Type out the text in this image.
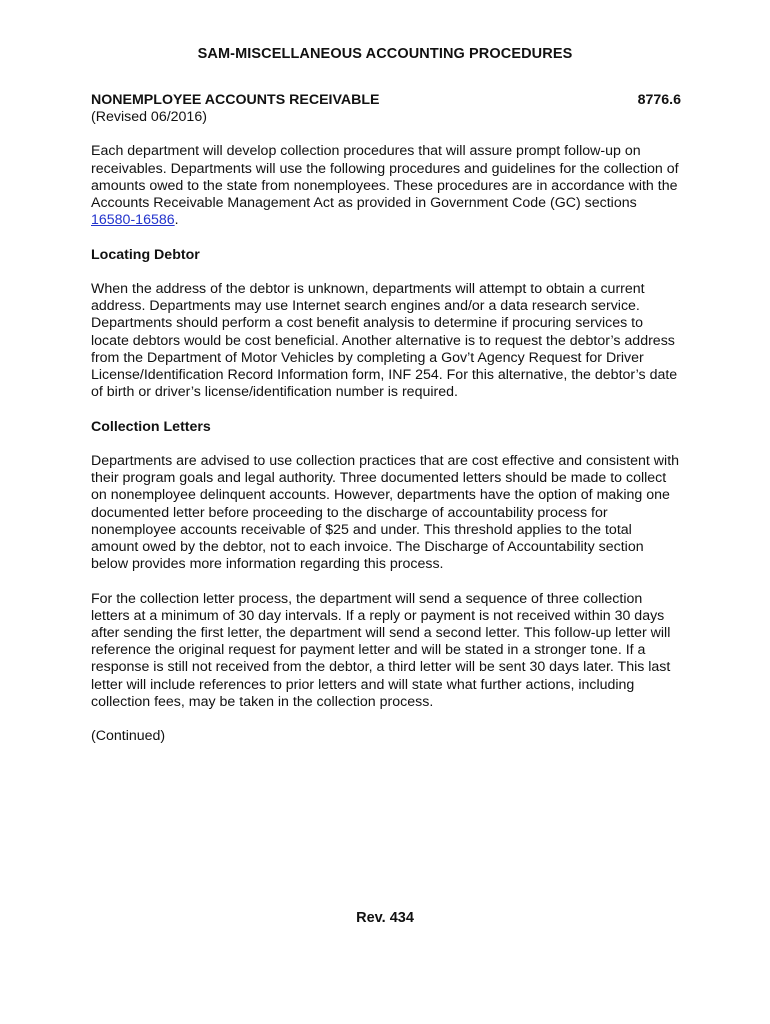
SAM-MISCELLANEOUS ACCOUNTING PROCEDURES
NONEMPLOYEE ACCOUNTS RECEIVABLE	8776.6
(Revised 06/2016)

Each department will develop collection procedures that will assure prompt follow-up on receivables. Departments will use the following procedures and guidelines for the collection of amounts owed to the state from nonemployees. These procedures are in accordance with the Accounts Receivable Management Act as provided in Government Code (GC) sections 16580-16586.

Locating Debtor

When the address of the debtor is unknown, departments will attempt to obtain a current address. Departments may use Internet search engines and/or a data research service. Departments should perform a cost benefit analysis to determine if procuring services to locate debtors would be cost beneficial. Another alternative is to request the debtor’s address from the Department of Motor Vehicles by completing a Gov’t Agency Request for Driver License/Identification Record Information form, INF 254. For this alternative, the debtor’s date of birth or driver’s license/identification number is required.

Collection Letters

Departments are advised to use collection practices that are cost effective and consistent with their program goals and legal authority. Three documented letters should be made to collect on nonemployee delinquent accounts. However, departments have the option of making one documented letter before proceeding to the discharge of accountability process for nonemployee accounts receivable of $25 and under. This threshold applies to the total amount owed by the debtor, not to each invoice. The Discharge of Accountability section below provides more information regarding this process.

For the collection letter process, the department will send a sequence of three collection letters at a minimum of 30 day intervals. If a reply or payment is not received within 30 days after sending the first letter, the department will send a second letter. This follow-up letter will reference the original request for payment letter and will be stated in a stronger tone. If a response is still not received from the debtor, a third letter will be sent 30 days later. This last letter will include references to prior letters and will state what further actions, including collection fees, may be taken in the collection process.

(Continued)

Rev. 434
